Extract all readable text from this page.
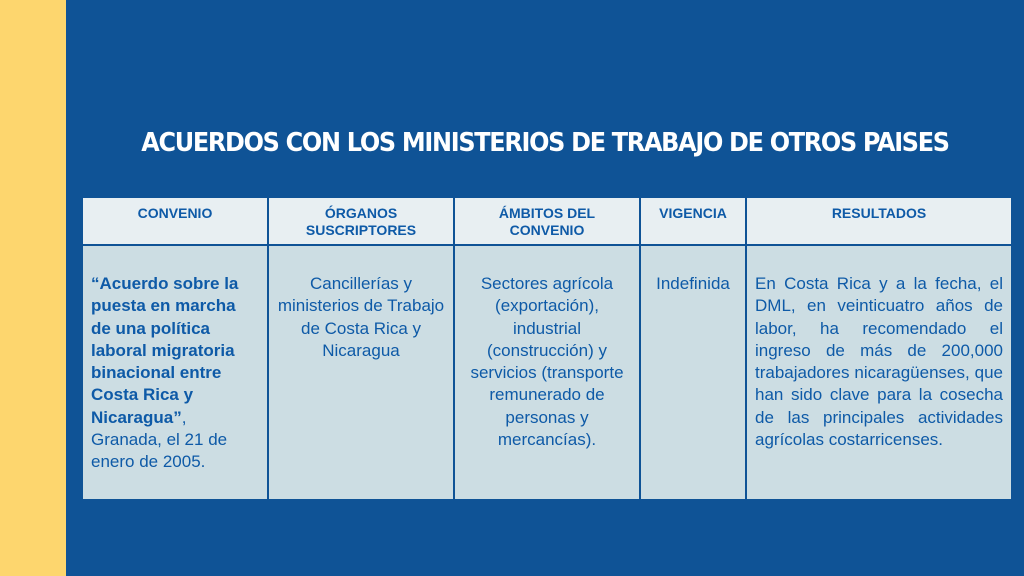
ACUERDOS CON LOS MINISTERIOS DE TRABAJO DE OTROS PAISES
CONVENIO	ÓRGANOS SUSCRIPTORES	ÁMBITOS DEL CONVENIO	VIGENCIA	RESULTADOS
“Acuerdo sobre la puesta en marcha de una política laboral migratoria binacional entre Costa Rica y Nicaragua”, Granada, el 21 de enero de 2005.	Cancillerías y ministerios de Trabajo de Costa Rica y Nicaragua	Sectores agrícola (exportación), industrial (construcción) y servicios (transporte remunerado de personas y mercancías).	Indefinida	En Costa Rica y a la fecha, el DML, en veinticuatro años de labor, ha recomendado el ingreso de más de 200,000 trabajadores nicaragüenses, que han sido clave para la cosecha de las principales actividades agrícolas costarricenses.
